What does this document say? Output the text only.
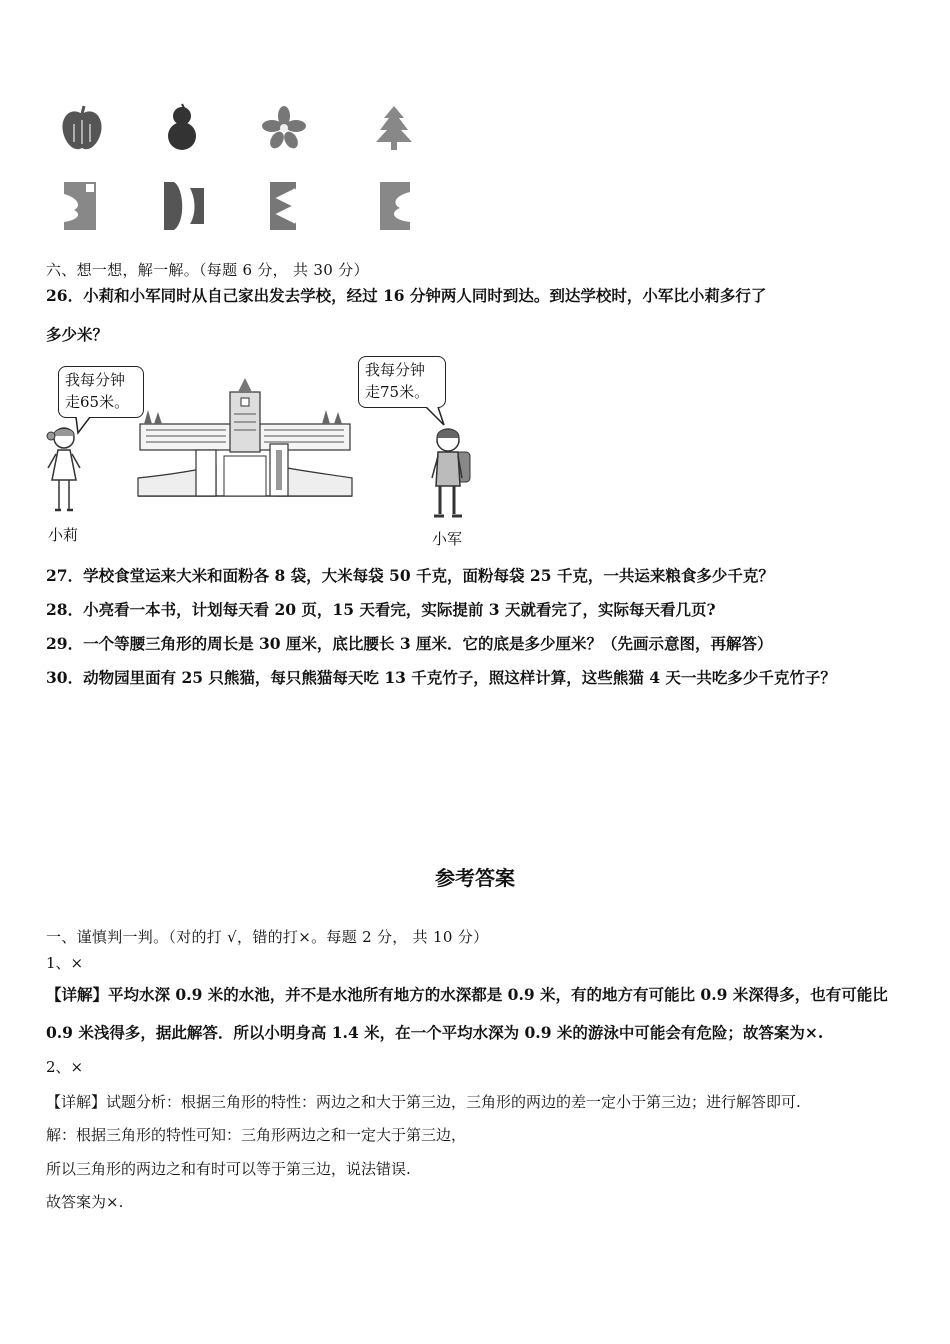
六、想一想，解一解。（每题 6 分， 共 30 分）
26．小莉和小军同时从自己家出发去学校，经过 16 分钟两人同时到达。到达学校时，小军比小莉多行了
多少米？
我每分钟
走65米。
我每分钟
走75米。
小莉	小军
27．学校食堂运来大米和面粉各 8 袋，大米每袋 50 千克，面粉每袋 25 千克，一共运来粮食多少千克？
28．小亮看一本书，计划每天看 20 页，15 天看完，实际提前 3 天就看完了，实际每天看几页?
29．一个等腰三角形的周长是 30 厘米，底比腰长 3 厘米．它的底是多少厘米？（先画示意图，再解答）
30．动物园里面有 25 只熊猫，每只熊猫每天吃 13 千克竹子，照这样计算，这些熊猫 4 天一共吃多少千克竹子？
参考答案
一、谨慎判一判。（对的打 √，错的打×。每题 2 分， 共 10 分）
1、×
【详解】平均水深 0.9 米的水池，并不是水池所有地方的水深都是 0.9 米，有的地方有可能比 0.9 米深得多，也有可能比
0.9 米浅得多，据此解答．所以小明身高 1.4 米，在一个平均水深为 0.9 米的游泳中可能会有危险；故答案为×.
2、×
【详解】试题分析：根据三角形的特性：两边之和大于第三边，三角形的两边的差一定小于第三边；进行解答即可.
解：根据三角形的特性可知：三角形两边之和一定大于第三边，
所以三角形的两边之和有时可以等于第三边，说法错误.
故答案为×.
